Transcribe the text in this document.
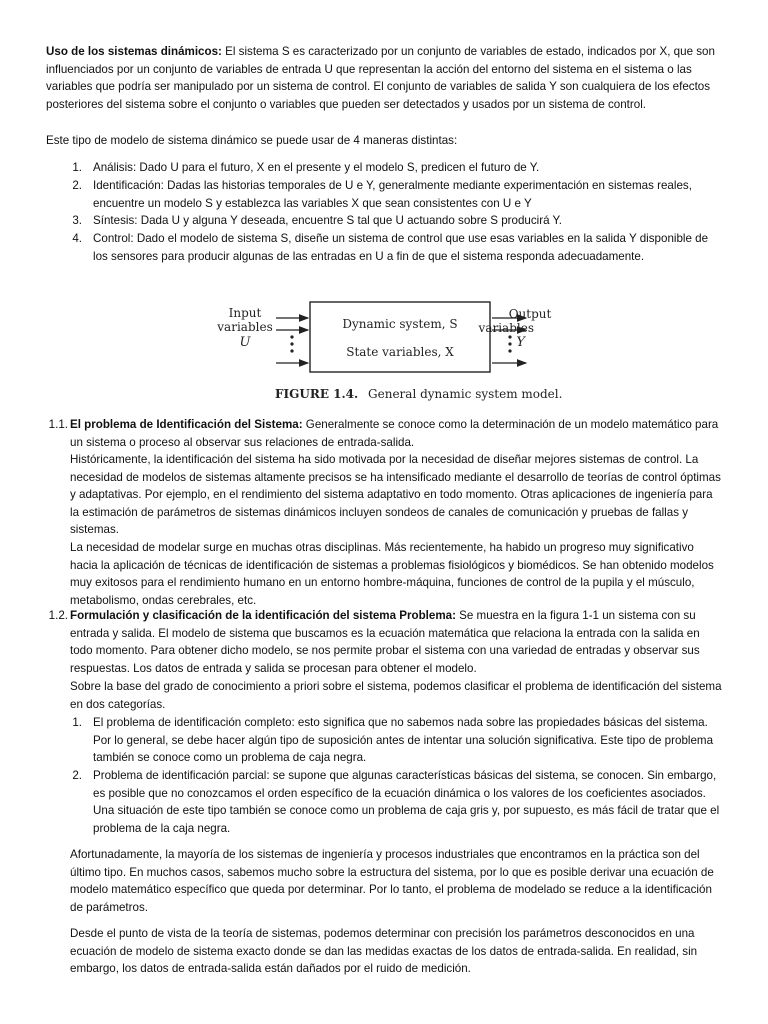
Uso de los sistemas dinámicos: El sistema S es caracterizado por un conjunto de variables de estado, indicados por X, que son influenciados por un conjunto de variables de entrada U que representan la acción del entorno del sistema en el sistema o las variables que podría ser manipulado por un sistema de control. El conjunto de variables de salida Y son cualquiera de los efectos posteriores del sistema sobre el conjunto o variables que pueden ser detectados y usados por un sistema de control.

Este tipo de modelo de sistema dinámico se puede usar de 4 maneras distintas:

1. Análisis: Dado U para el futuro, X en el presente y el modelo S, predicen el futuro de Y.

2. Identificación: Dadas las historias temporales de U e Y, generalmente mediante experimentación en sistemas reales, encuentre un modelo S y establezca las variables X que sean consistentes con U e Y

3. Síntesis: Dada U y alguna Y deseada, encuentre S tal que U actuando sobre S producirá Y.

4. Control: Dado el modelo de sistema S, diseñe un sistema de control que use esas variables en la salida Y disponible de los sensores para producir algunas de las entradas en U a fin de que el sistema responda adecuadamente.

Input
variables
U
Dynamic system, S
State variables, X
Output
variables
Y
FIGURE 1.4. General dynamic system model.
1.1. El problema de Identificación del Sistema: Generalmente se conoce como la determinación de un modelo matemático para un sistema o proceso al observar sus relaciones de entrada-salida.

Históricamente, la identificación del sistema ha sido motivada por la necesidad de diseñar mejores sistemas de control. La necesidad de modelos de sistemas altamente precisos se ha intensificado mediante el desarrollo de teorías de control óptimas y adaptativas. Por ejemplo, en el rendimiento del sistema adaptativo en todo momento. Otras aplicaciones de ingeniería para la estimación de parámetros de sistemas dinámicos incluyen sondeos de canales de comunicación y pruebas de fallas y sistemas.

La necesidad de modelar surge en muchas otras disciplinas. Más recientemente, ha habido un progreso muy significativo hacia la aplicación de técnicas de identificación de sistemas a problemas fisiológicos y biomédicos. Se han obtenido modelos muy exitosos para el rendimiento humano en un entorno hombre-máquina, funciones de control de la pupila y el músculo, metabolismo, ondas cerebrales, etc.

1.2. Formulación y clasificación de la identificación del sistema Problema: Se muestra en la figura 1-1 un sistema con su entrada y salida. El modelo de sistema que buscamos es la ecuación matemática que relaciona la entrada con la salida en todo momento. Para obtener dicho modelo, se nos permite probar el sistema con una variedad de entradas y observar sus respuestas. Los datos de entrada y salida se procesan para obtener el modelo.

Sobre la base del grado de conocimiento a priori sobre el sistema, podemos clasificar el problema de identificación del sistema en dos categorías.

1. El problema de identificación completo: esto significa que no sabemos nada sobre las propiedades básicas del sistema. Por lo general, se debe hacer algún tipo de suposición antes de intentar una solución significativa. Este tipo de problema también se conoce como un problema de caja negra.

2. Problema de identificación parcial: se supone que algunas características básicas del sistema, se conocen. Sin embargo, es posible que no conozcamos el orden específico de la ecuación dinámica o los valores de los coeficientes asociados. Una situación de este tipo también se conoce como un problema de caja gris y, por supuesto, es más fácil de tratar que el problema de la caja negra.

Afortunadamente, la mayoría de los sistemas de ingeniería y procesos industriales que encontramos en la práctica son del último tipo. En muchos casos, sabemos mucho sobre la estructura del sistema, por lo que es posible derivar una ecuación de modelo matemático específico que queda por determinar. Por lo tanto, el problema de modelado se reduce a la identificación de parámetros.

Desde el punto de vista de la teoría de sistemas, podemos determinar con precisión los parámetros desconocidos en una ecuación de modelo de sistema exacto donde se dan las medidas exactas de los datos de entrada-salida. En realidad, sin embargo, los datos de entrada-salida están dañados por el ruido de medición.
